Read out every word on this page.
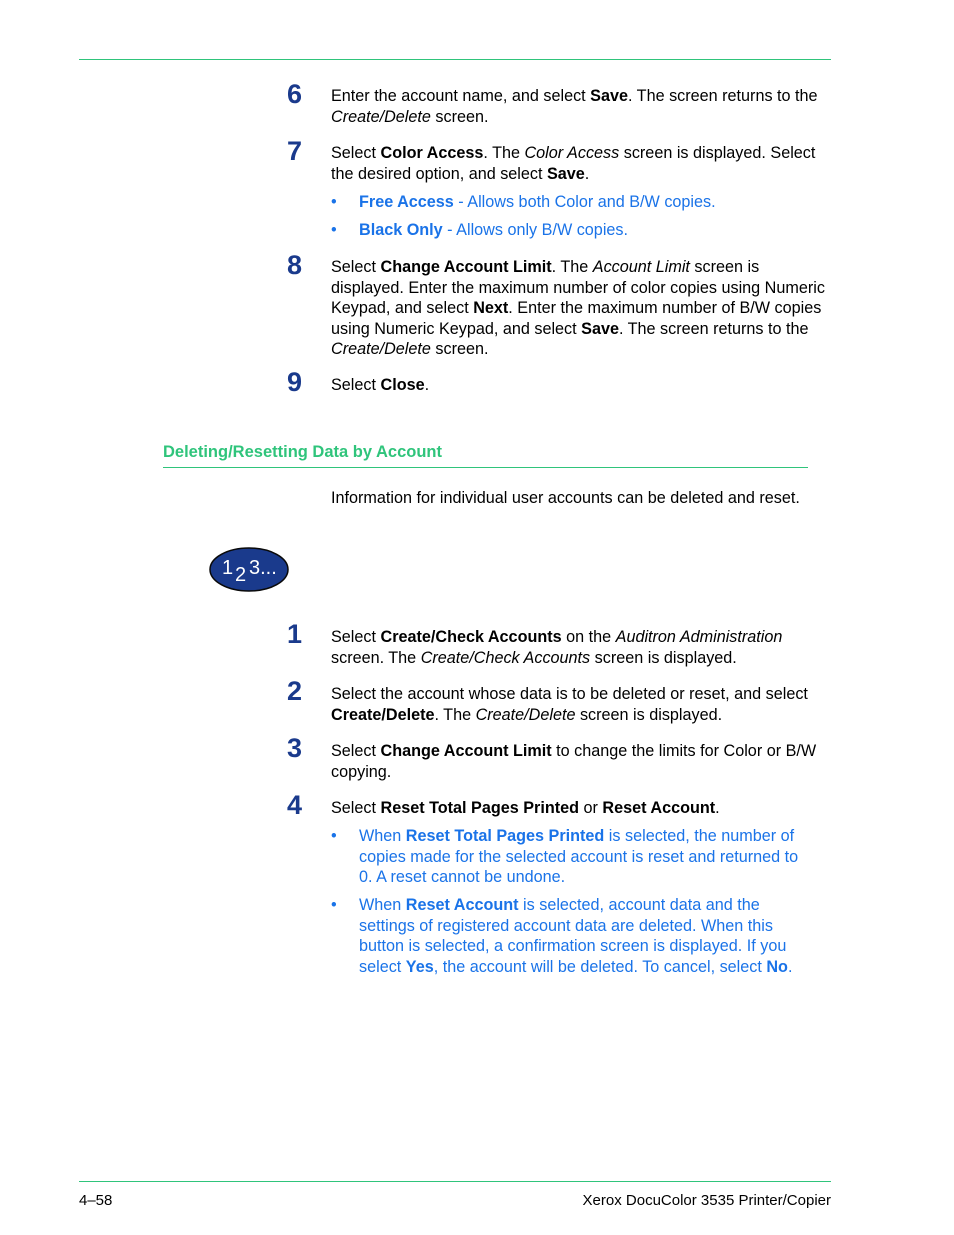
6 Enter the account name, and select Save. The screen returns to the Create/Delete screen.
7 Select Color Access. The Color Access screen is displayed. Select the desired option, and select Save.
• Free Access - Allows both Color and B/W copies.
• Black Only - Allows only B/W copies.
8 Select Change Account Limit. The Account Limit screen is displayed. Enter the maximum number of color copies using Numeric Keypad, and select Next. Enter the maximum number of B/W copies using Numeric Keypad, and select Save. The screen returns to the Create/Delete screen.
9 Select Close.
Deleting/Resetting Data by Account
Information for individual user accounts can be deleted and reset.
1 2 3...
1 Select Create/Check Accounts on the Auditron Administration screen. The Create/Check Accounts screen is displayed.
2 Select the account whose data is to be deleted or reset, and select Create/Delete. The Create/Delete screen is displayed.
3 Select Change Account Limit to change the limits for Color or B/W copying.
4 Select Reset Total Pages Printed or Reset Account.
• When Reset Total Pages Printed is selected, the number of copies made for the selected account is reset and returned to 0. A reset cannot be undone.
• When Reset Account is selected, account data and the settings of registered account data are deleted. When this button is selected, a confirmation screen is displayed. If you select Yes, the account will be deleted. To cancel, select No.
4–58	Xerox DocuColor 3535 Printer/Copier
